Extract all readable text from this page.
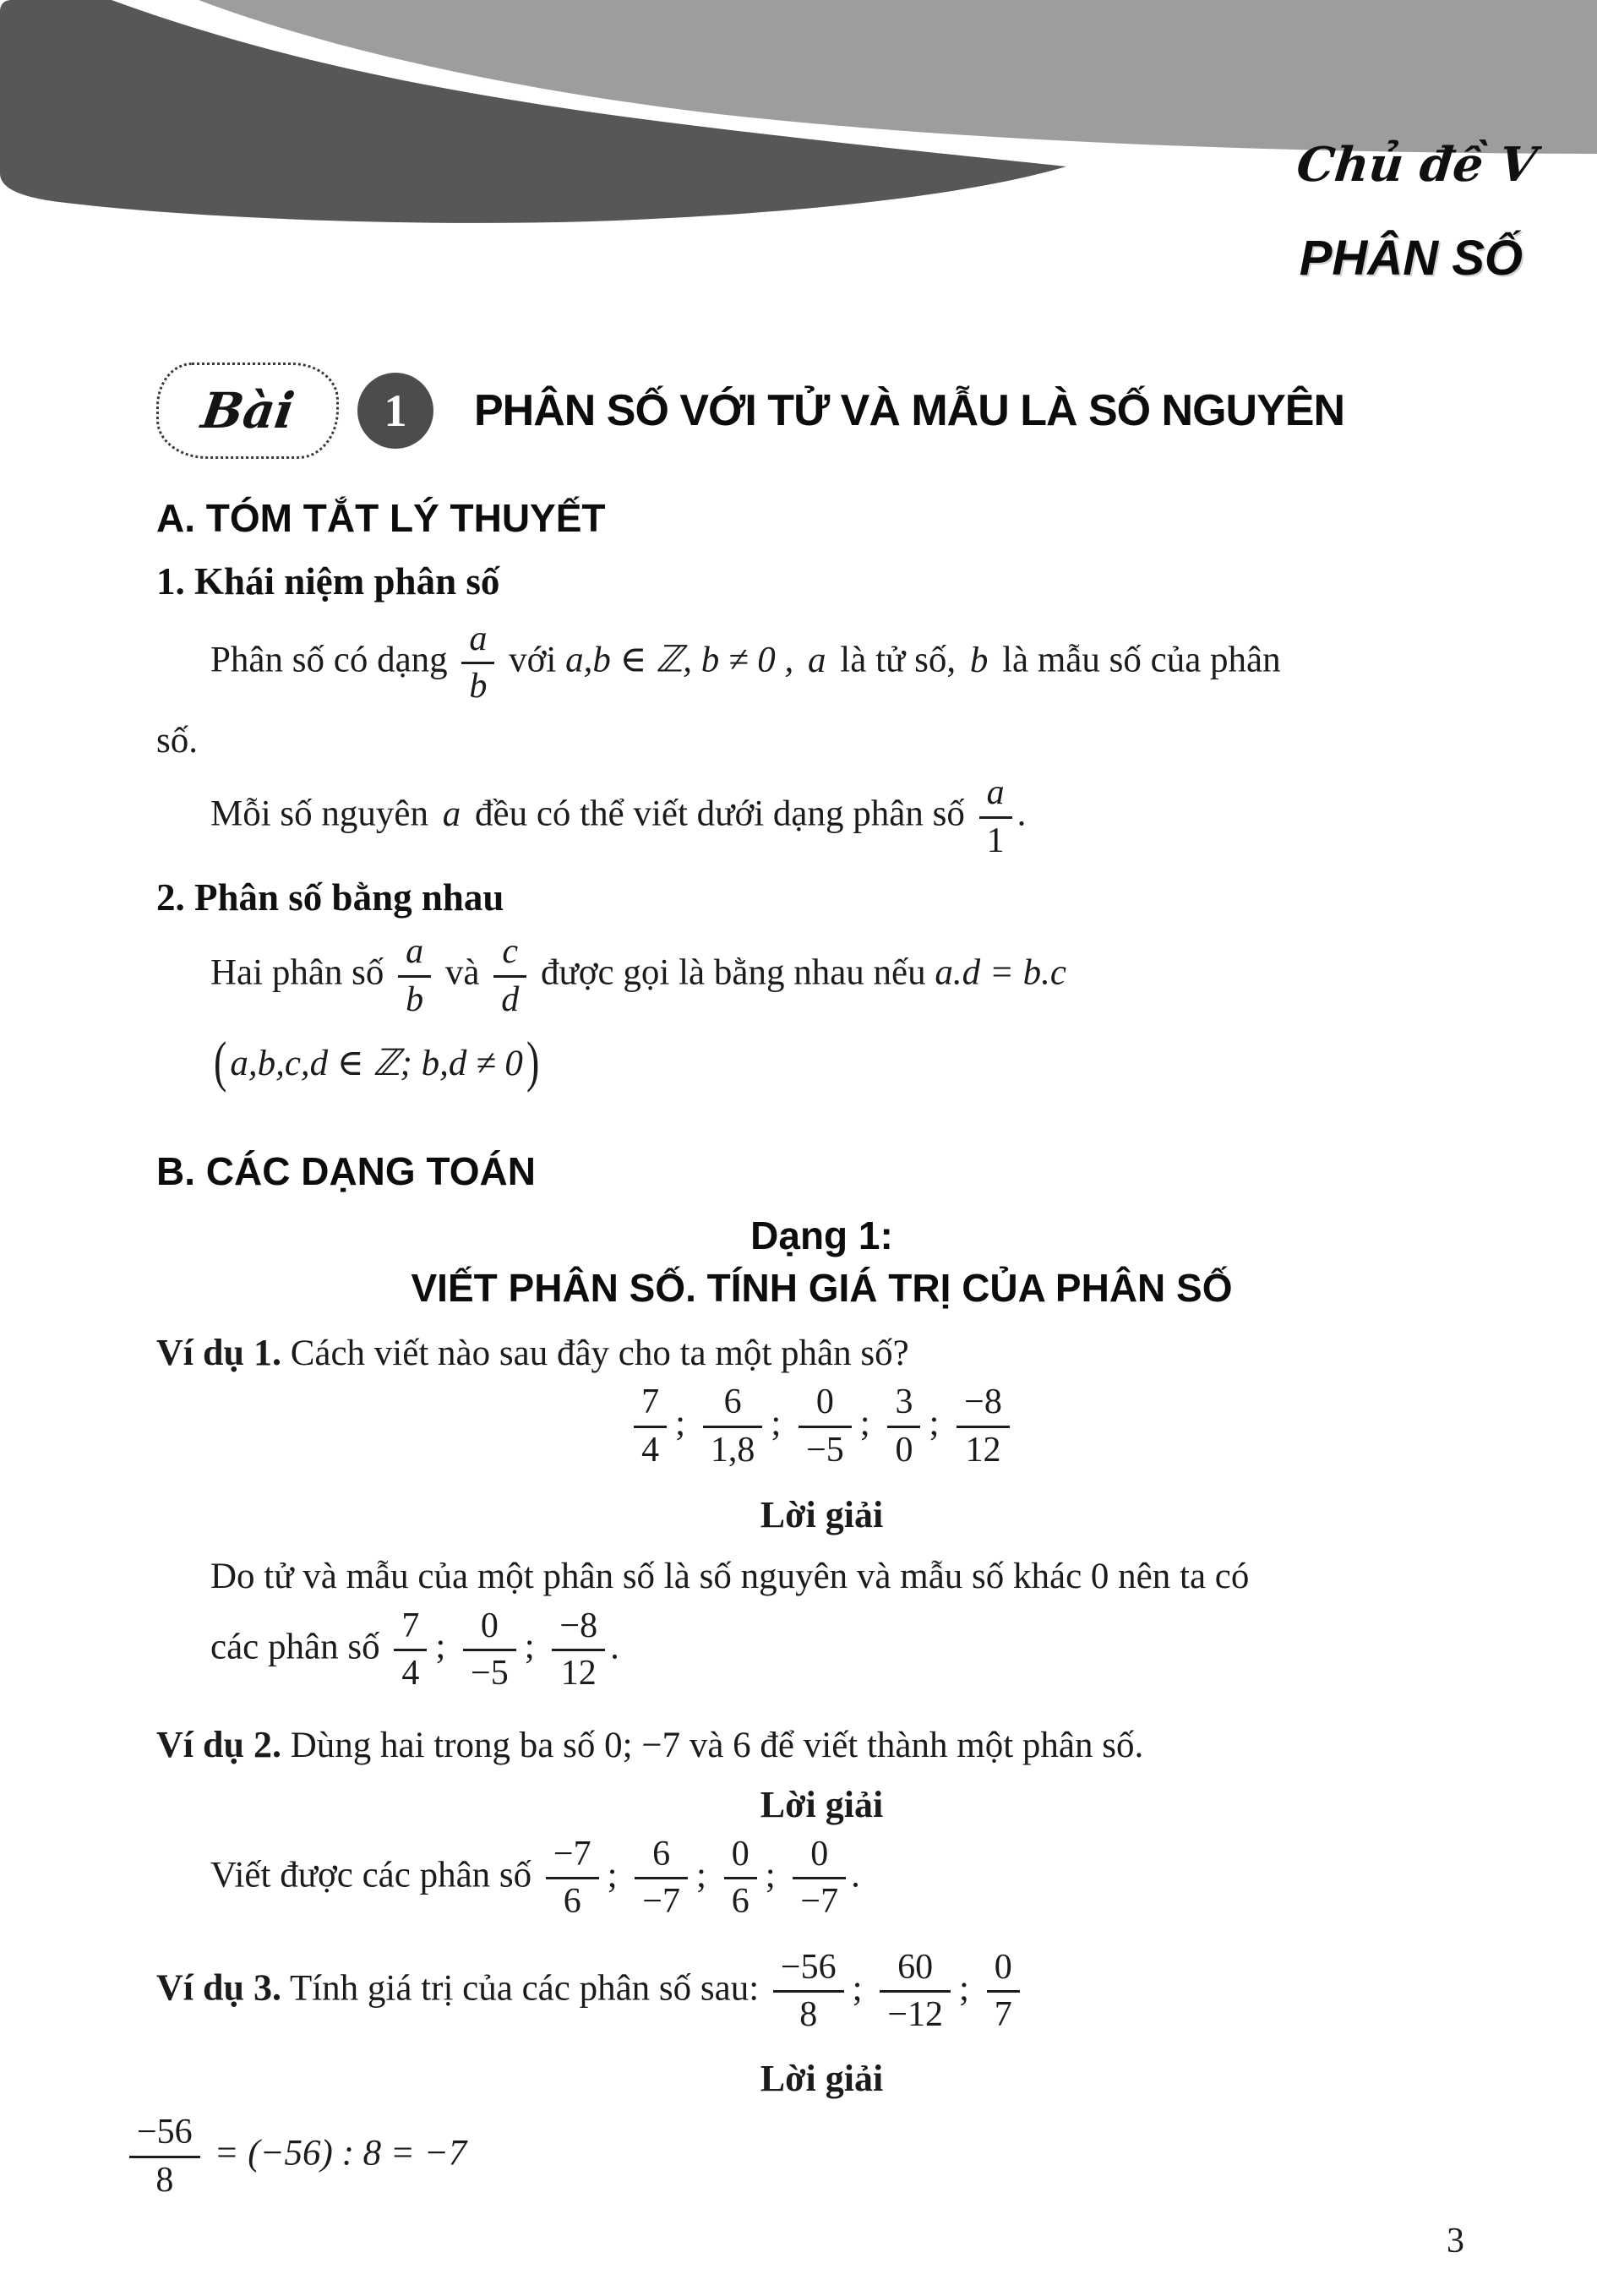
Chủ đề V
PHÂN SỐ
Bài 1 PHÂN SỐ VỚI TỬ VÀ MẪU LÀ SỐ NGUYÊN
A. TÓM TẮT LÝ THUYẾT
1. Khái niệm phân số

Phân số có dạng $\frac{a}{b}$ với a,b ∈ ℤ, b ≠ 0 , a là tử số, b là mẫu số của phân

số.

Mỗi số nguyên a đều có thể viết dưới dạng phân số $\frac{a}{1}$ .

2. Phân số bằng nhau

Hai phân số $\frac{a}{b}$ và $\frac{c}{d}$ được gọi là bằng nhau nếu a.d = b.c

(a,b,c,d ∈ ℤ; b,d ≠ 0)

B. CÁC DẠNG TOÁN
Dạng 1:
VIẾT PHÂN SỐ. TÍNH GIÁ TRỊ CỦA PHÂN SỐ

Ví dụ 1. Cách viết nào sau đây cho ta một phân số?

$\frac{7}{4}$ ; $\frac{6}{1,8}$ ; $\frac{0}{-5}$ ; $\frac{3}{0}$ ; $\frac{-8}{12}$

Lời giải

Do tử và mẫu của một phân số là số nguyên và mẫu số khác 0 nên ta có

các phân số $\frac{7}{4}$ ; $\frac{0}{-5}$ ; $\frac{-8}{12}$ .

Ví dụ 2. Dùng hai trong ba số 0; −7 và 6 để viết thành một phân số.

Lời giải

Viết được các phân số $\frac{-7}{6}$ ; $\frac{6}{-7}$ ; $\frac{0}{6}$ ; $\frac{0}{-7}$ .

Ví dụ 3. Tính giá trị của các phân số sau: $\frac{-56}{8}$ ; $\frac{60}{-12}$ ; $\frac{0}{7}$

Lời giải

$\frac{-56}{8} = (-56)$ : 8 = −7

3
